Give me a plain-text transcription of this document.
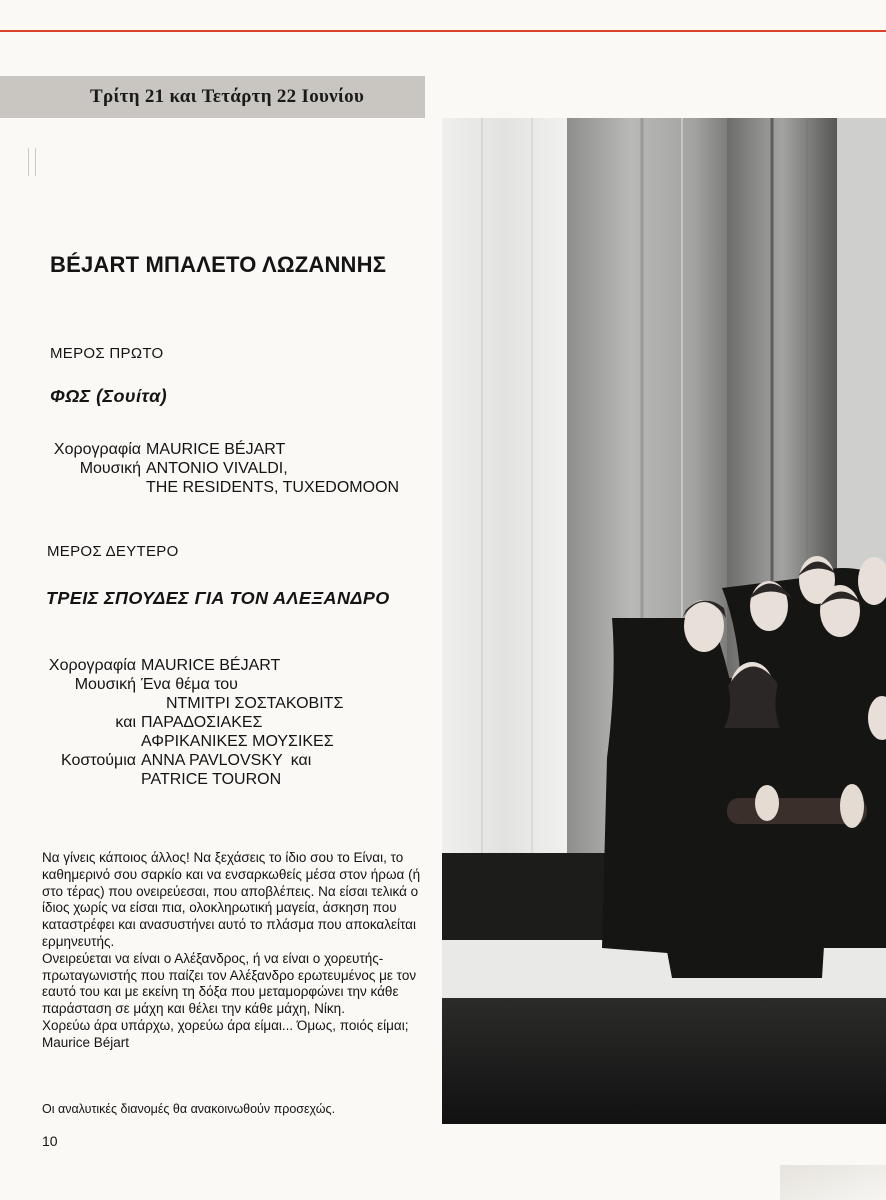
Τρίτη 21 και Τετάρτη 22 Ιουνίου
BÉJART ΜΠΑΛΕΤΟ ΛΩΖΑΝΝΗΣ
ΜΕΡΟΣ ΠΡΩΤΟ
ΦΩΣ (Σουίτα)
Χορογραφία MAURICE BÉJART
Μουσική ANTONIO VIVALDI,
THE RESIDENTS, TUXEDOMOON
ΜΕΡΟΣ ΔΕΥΤΕΡΟ
ΤΡΕΙΣ ΣΠΟΥΔΕΣ ΓΙΑ ΤΟΝ ΑΛΕΞΑΝΔΡΟ
Χορογραφία MAURICE BÉJART
Μουσική Ένα θέμα του
ΝΤΜΙΤΡΙ ΣΟΣΤΑΚΟΒΙΤΣ
και ΠΑΡΑΔΟΣΙΑΚΕΣ
ΑΦΡΙΚΑΝΙΚΕΣ ΜΟΥΣΙΚΕΣ
Κοστούμια ANNA PAVLOVSKY και
PATRICE TOURON

Να γίνεις κάποιος άλλος! Να ξεχάσεις το ίδιο σου το Είναι, το καθημερινό σου σαρκίο και να ενσαρκωθείς μέσα στον ήρωα (ή στο τέρας) που ονειρεύεσαι, που αποβλέπεις. Να είσαι τελικά ο ίδιος χωρίς να είσαι πια, ολοκληρωτική μαγεία, άσκηση που καταστρέφει και ανασυστήνει αυτό το πλάσμα που αποκαλείται ερμηνευτής.

Ονειρεύεται να είναι ο Αλέξανδρος, ή να είναι ο χορευτής-πρωταγωνιστής που παίζει τον Αλέξανδρο ερωτευμένος με τον εαυτό του και με εκείνη τη δόξα που μεταμορφώνει την κάθε παράσταση σε μάχη και θέλει την κάθε μάχη, Νίκη.

Χορεύω άρα υπάρχω, χορεύω άρα είμαι... Όμως, ποιός είμαι;

Maurice Béjart

Οι αναλυτικές διανομές θα ανακοινωθούν προσεχώς.
10
